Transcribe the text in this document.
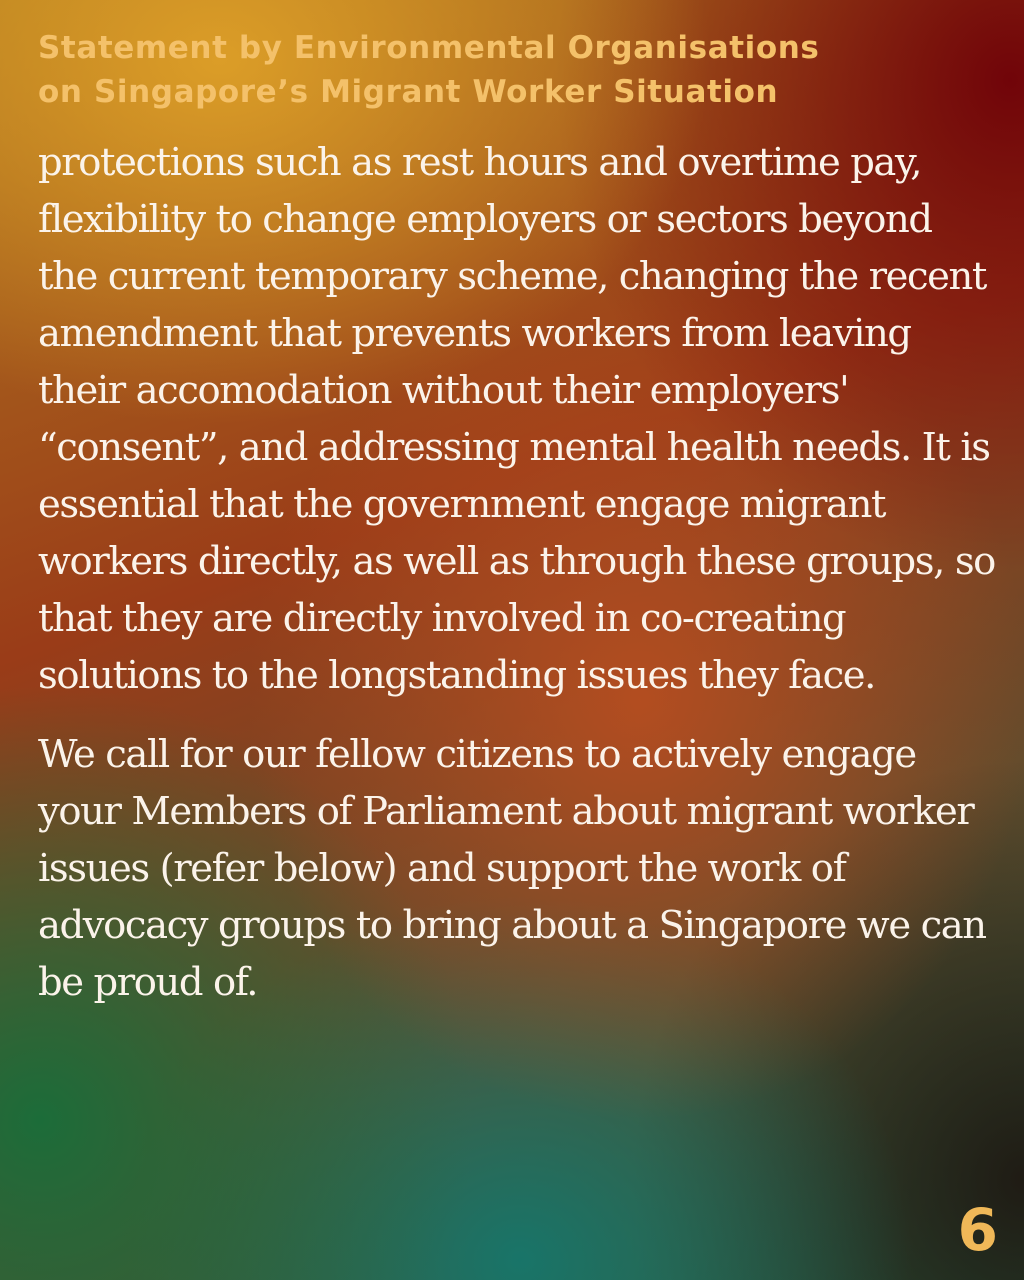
Statement by Environmental Organisations
on Singapore’s Migrant Worker Situation

protections such as rest hours and overtime pay, flexibility to change employers or sectors beyond the current temporary scheme, changing the recent amendment that prevents workers from leaving their accomodation without their employers' “consent”, and addressing mental health needs. It is essential that the government engage migrant workers directly, as well as through these groups, so that they are directly involved in co-creating solutions to the longstanding issues they face.

We call for our fellow citizens to actively engage your Members of Parliament about migrant worker issues (refer below) and support the work of advocacy groups to bring about a Singapore we can be proud of.

6
